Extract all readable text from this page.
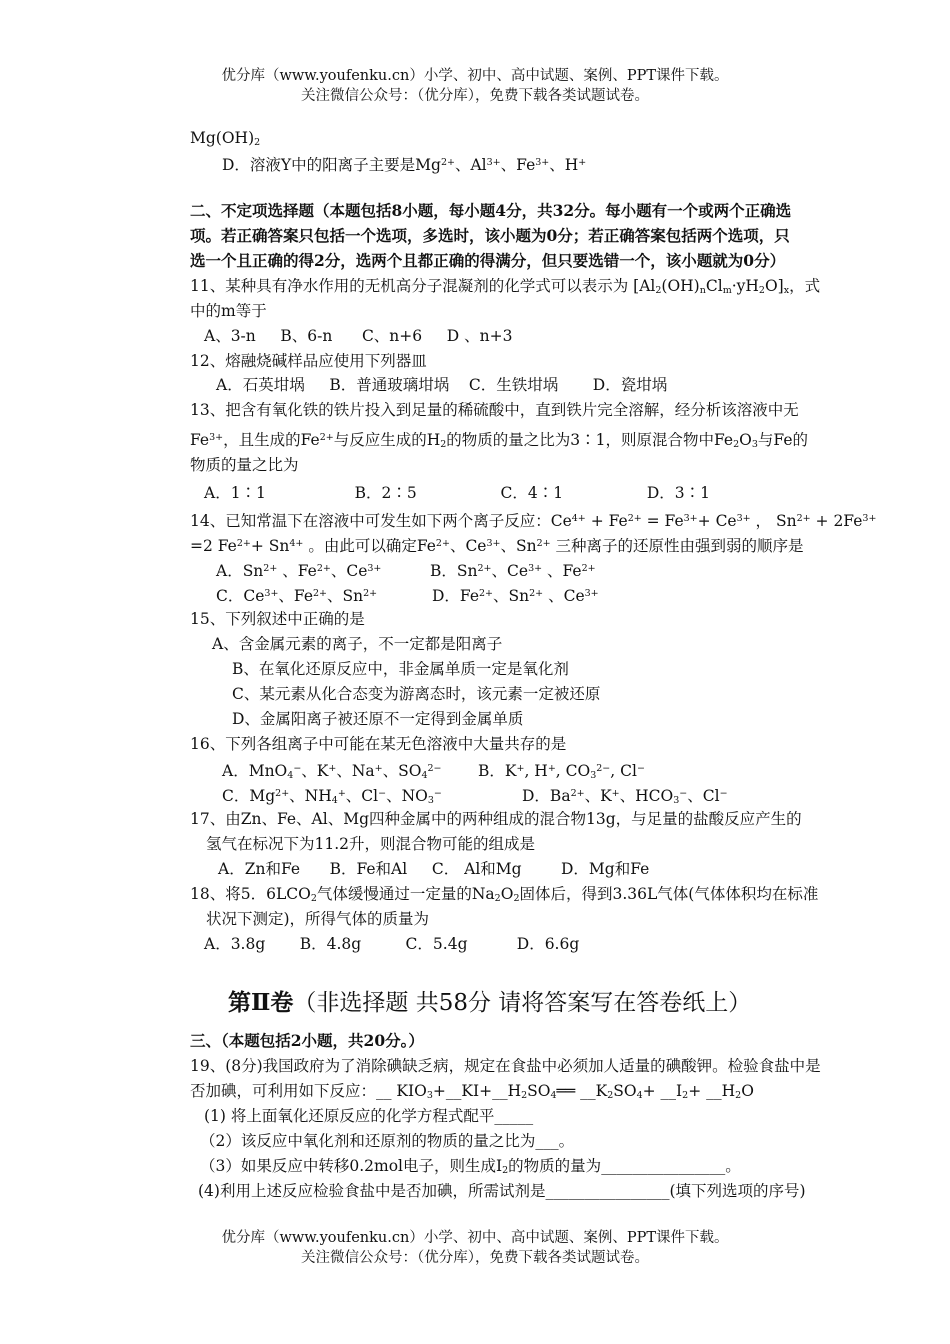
优分库（www.youfenku.cn）小学、初中、高中试题、案例、PPT课件下载。
关注微信公众号：（优分库），免费下载各类试题试卷。
$Mg(OH)_2$
D．溶液Y中的阳离子主要是$Mg^{2+}$、$Al^{3+}$、$Fe^{3+}$、H+
二、不定项选择题（本题包括8小题，每小题4分，共32分。每小题有一个或两个正确选
项。若正确答案只包括一个选项，多选时，该小题为0分；若正确答案包括两个选项，只
选一个且正确的得2分，选两个且都正确的得满分，但只要选错一个，该小题就为0分）
11、某种具有净水作用的无机高分子混凝剂的化学式可以表示为 $[Al_2(OH)_nCl_m\cdot yH_2O]_x$，式
中的m等于
A、3-n     B、6-n      C、n+6     D 、n+3
12、熔融烧碱样品应使用下列器皿
A．石英坩埚     B．普通玻璃坩埚    C．生铁坩埚       D．瓷坩埚
13、把含有氧化铁的铁片投入到足量的稀硫酸中，直到铁片完全溶解，经分析该溶液中无
$Fe^{3+}$，且生成的$Fe^{2+}$与反应生成的$H_2$的物质的量之比为3∶1，则原混合物中$Fe_2O_3$与Fe的
物质的量之比为
A．1∶1                  B．2∶5                 C．4∶1                 D．3∶1
14、已知常温下在溶液中可发生如下两个离子反应：$Ce^{4+} + Fe^{2+} = Fe^{3+}+ Ce^{3+}$ ， $Sn^{2+} + 2Fe^{3+}$
=2 $Fe^{2+}+ Sn^{4+}$ 。由此可以确定$Fe^{2+}$、$Ce^{3+}$、$Sn^{2+}$ 三种离子的还原性由强到弱的顺序是
A．$Sn^{2+}$ 、$Fe^{2+}$、$Ce^{3+}$	B．$Sn^{2+}$、$Ce^{3+}$ 、$Fe^{2+}$
C．$Ce^{3+}$、$Fe^{2+}$、$Sn^{2+}$	D．$Fe^{2+}$、$Sn^{2+}$ 、$Ce^{3+}$
15、下列叙述中正确的是
A、含金属元素的离子，不一定都是阳离子
B、在氧化还原反应中，非金属单质一定是氧化剂
C、某元素从化合态变为游离态时，该元素一定被还原
D、金属阳离子被还原不一定得到金属单质
16、下列各组离子中可能在某无色溶液中大量共存的是
A．MnO$_4$−、K+、Na+、$SO_4^{2-}$ B．K+, H+, $CO_3^{2-}$, Cl−
C．$Mg^{2+}$、$NH_4^+$、Cl−、$NO_3^-$	D．$Ba^{2+}$、K+、$HCO_3^-$、Cl−
17、由Zn、Fe、Al、Mg四种金属中的两种组成的混合物13g，与足量的盐酸反应产生的
氢气在标况下为11.2升，则混合物可能的组成是
A．Zn和Fe      B．Fe和Al     C． Al和Mg        D．Mg和Fe
18、将5．$6LCO_2$气体缓慢通过一定量的$Na_2O_2$固体后，得到3.36L气体(气体体积均在标准
状况下测定)，所得气体的质量为
A．3.8g       B．4.8g         C．5.4g          D．6.6g
第Ⅱ卷（非选择题 共58分 请将答案写在答卷纸上）
三、（本题包括2小题，共20分。）
19、(8分)我国政府为了消除碘缺乏病，规定在食盐中必须加人适量的碘酸钾。检验食盐中是
否加碘，可利用如下反应：__ $KIO_3+\_\_KI+\_\_H_2SO_4══$ $\_\_K_2SO_4+$ $\_\_I_2+$ $\_\_H_2O$
(1) 将上面氧化还原反应的化学方程式配平_____
（2）该反应中氧化剂和还原剂的物质的量之比为___。
（3）如果反应中转移0.2mol电子，则生成$I_2$的物质的量为________________。
(4)利用上述反应检验食盐中是否加碘，所需试剂是________________(填下列选项的序号)
优分库（www.youfenku.cn）小学、初中、高中试题、案例、PPT课件下载。
关注微信公众号：（优分库），免费下载各类试题试卷。
